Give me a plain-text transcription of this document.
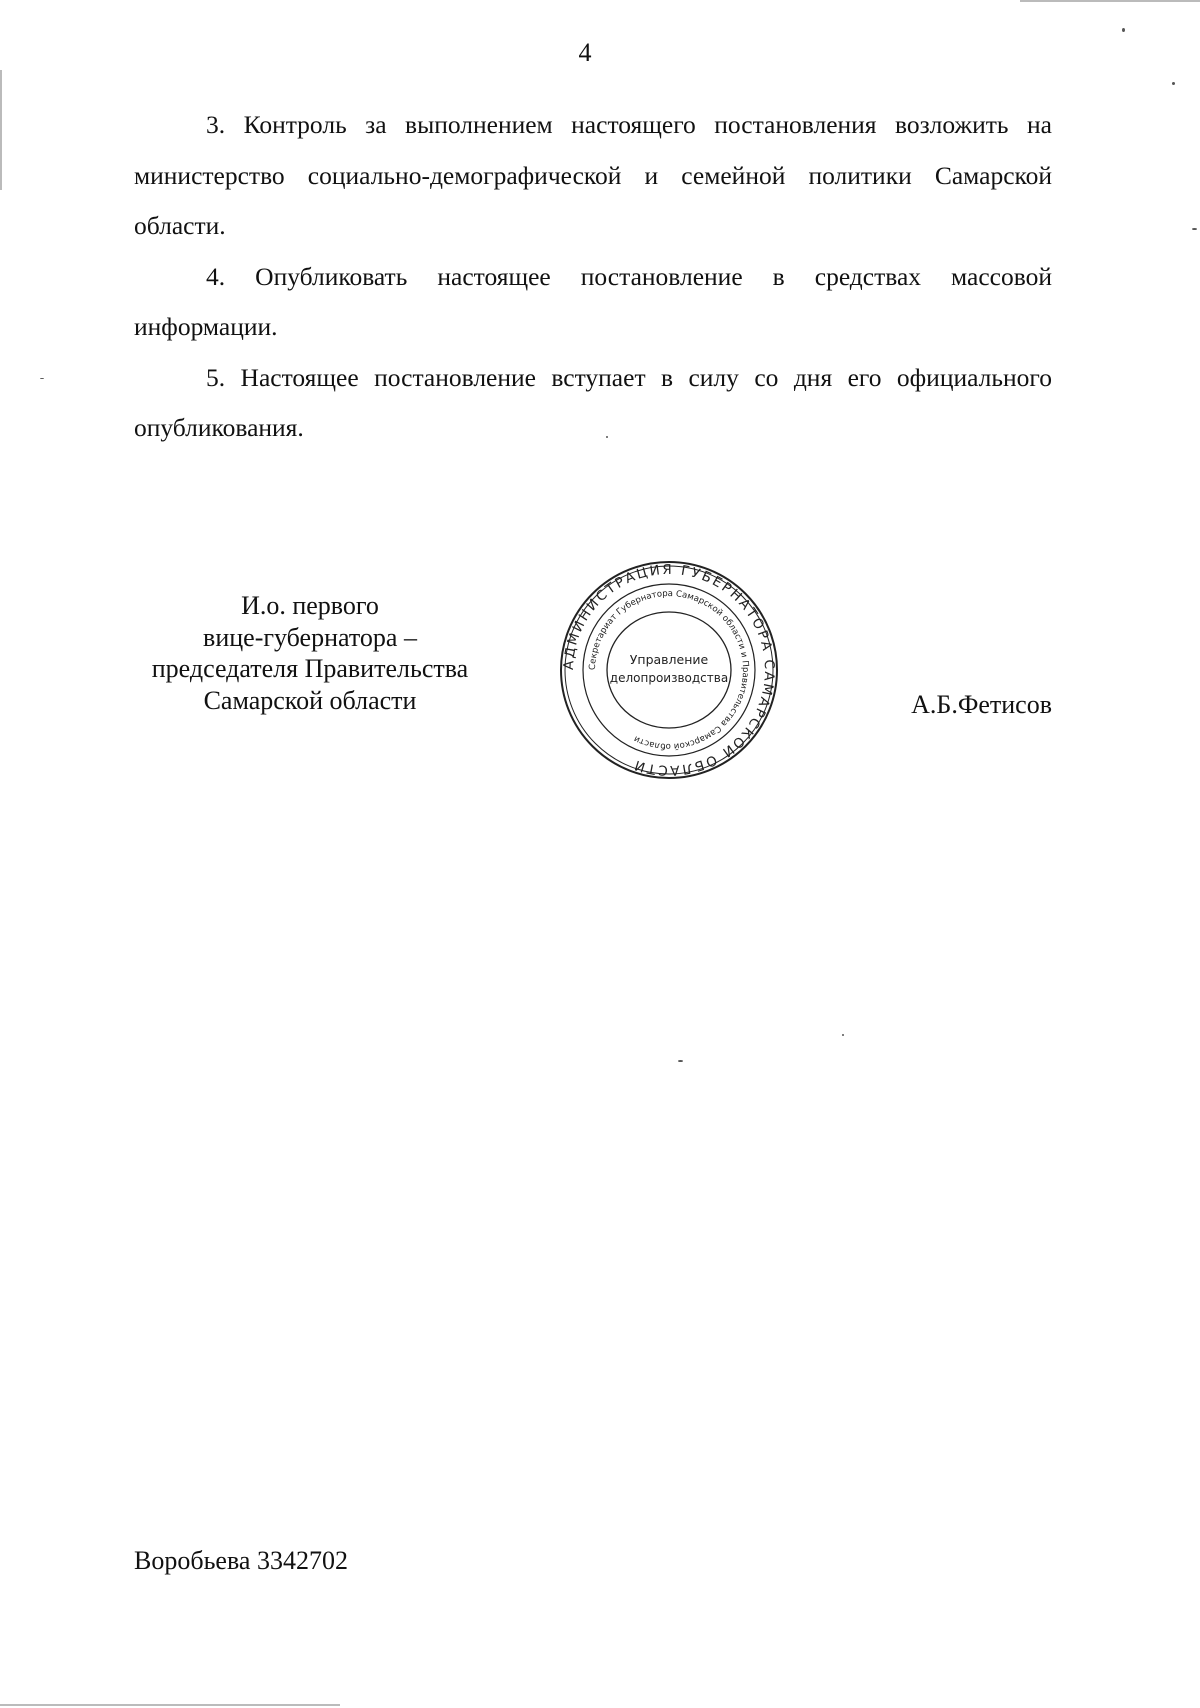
4

3. Контроль за выполнением настоящего постановления возложить на министерство социально-демографической и семейной политики Самарской области.

4. Опубликовать настоящее постановление в средствах массовой информации.

5. Настоящее постановление вступает в силу со дня его официального опубликования.

И.о. первого
вице-губернатора –
председателя Правительства
Самарской области
АДМИНИСТРАЦИЯ ГУБЕРНАТОРА САМАРСКОЙ ОБЛАСТИ
Секретариат Губернатора Самарской области и Правительства Самарской области
Управление
делопроизводства
А.Б.Фетисов
Воробьева 3342702
